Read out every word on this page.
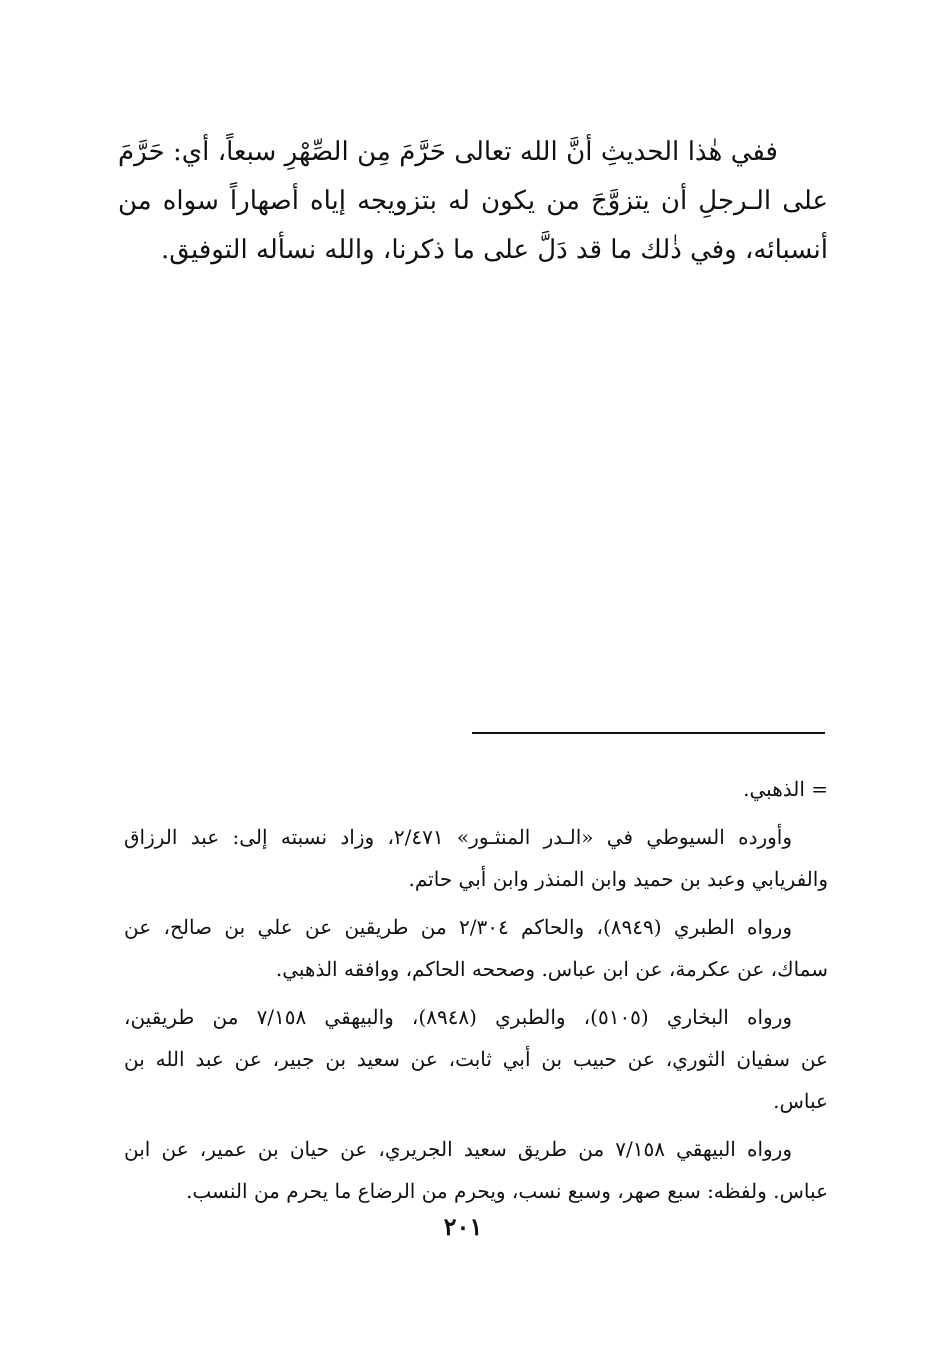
ففي هٰذا الحديثِ أنَّ الله تعالى حَرَّمَ مِن الصِّهْرِ سبعاً، أي: حَرَّمَ
على الـرجلِ أن يتزوَّجَ من يكون له بتزويجه إياه أصهاراً سواه من
أنسبائه، وفي ذٰلك ما قد دَلَّ على ما ذكرنا، والله نسأله التوفيق.
= الذهبي.
وأورده السيوطي في «الـدر المنثـور» ٢/٤٧١، وزاد نسبته إلى: عبد الرزاق
والفريابي وعبد بن حميد وابن المنذر وابن أبي حاتم.
ورواه الطبري (٨٩٤٩)، والحاكم ٢/٣٠٤ من طريقين عن علي بن صالح، عن
سماك، عن عكرمة، عن ابن عباس. وصححه الحاكم، ووافقه الذهبي.
ورواه البخاري (٥١٠٥)، والطبري (٨٩٤٨)، والبيهقي ٧/١٥٨ من طريقين،
عن سفيان الثوري، عن حبيب بن أبي ثابت، عن سعيد بن جبير، عن عبد الله بن
عباس.
ورواه البيهقي ٧/١٥٨ من طريق سعيد الجريري، عن حيان بن عمير، عن ابن
عباس. ولفظه: سبع صهر، وسبع نسب، ويحرم من الرضاع ما يحرم من النسب.
٢٠١
